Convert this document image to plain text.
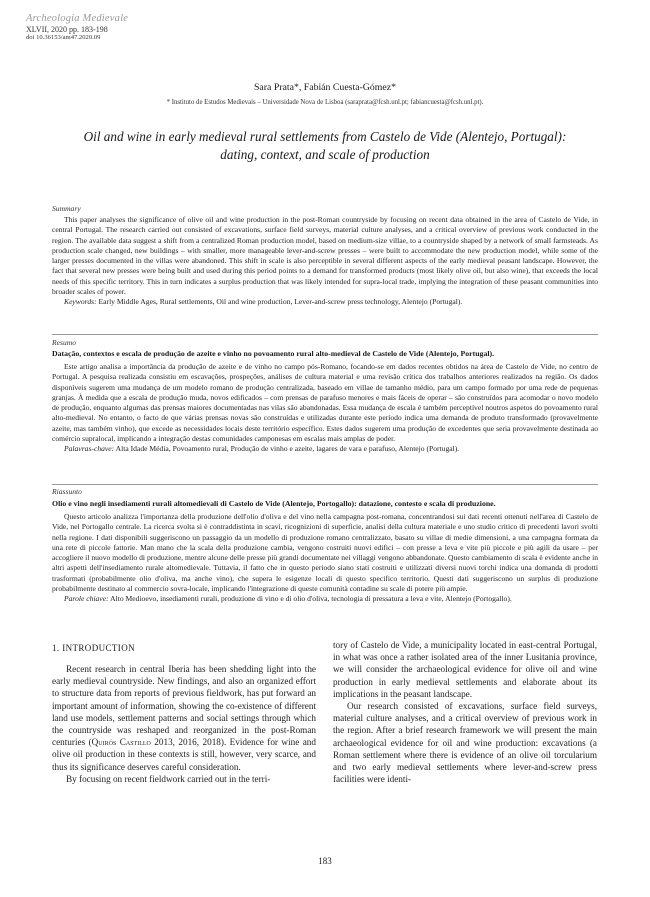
Archeologia Medievale
XLVII, 2020 pp. 183-198
doi 10.36153/am47.2020.09
Sara Prata*, Fabián Cuesta-Gómez*
* Instituto de Estudos Medievais – Universidade Nova de Lisboa (saraprata@fcsh.unl.pt; fabiancuesta@fcsh.unl.pt).
Oil and wine in early medieval rural settlements from Castelo de Vide (Alentejo, Portugal):
dating, context, and scale of production
Summary

This paper analyses the significance of olive oil and wine production in the post-Roman countryside by focusing on recent data obtained in the area of Castelo de Vide, in central Portugal. The research carried out consisted of excavations, surface field surveys, material culture analyses, and a critical overview of previous work conducted in the region. The available data suggest a shift from a centralized Roman production model, based on medium-size villae, to a countryside shaped by a network of small farmsteads. As production scale changed, new buildings – with smaller, more manageable lever-and-screw presses – were built to accommodate the new production model, while some of the larger presses documented in the villas were abandoned. This shift in scale is also perceptible in several different aspects of the early medieval peasant landscape. However, the fact that several new presses were being built and used during this period points to a demand for transformed products (most likely olive oil, but also wine), that exceeds the local needs of this specific territory. This in turn indicates a surplus production that was likely intended for supra-local trade, implying the integration of these peasant communities into broader scales of power.

Keywords: Early Middle Ages, Rural settlements, Oil and wine production, Lever-and-screw press technology, Alentejo (Portugal).

Resumo
Datação, contextos e escala de produção de azeite e vinho no povoamento rural alto-medieval de Castelo de Vide (Alentejo, Portugal).

Este artigo analisa a importância da produção de azeite e de vinho no campo pós-Romano, focando-se em dados recentes obtidos na área de Castelo de Vide, no centro de Portugal. A pesquisa realizada consistiu em escavações, prospeções, análises de cultura material e uma revisão crítica dos trabalhos anteriores realizados na região. Os dados disponíveis sugerem uma mudança de um modelo romano de produção centralizada, baseado em villae de tamanho médio, para um campo formado por uma rede de pequenas granjas. À medida que a escala de produção muda, novos edificados – com prensas de parafuso menores e mais fáceis de operar – são construídos para acomodar o novo modelo de produção, enquanto algumas das prensas maiores documentadas nas vilas são abandonadas. Essa mudança de escala é também perceptível noutros aspetos do povoamento rural alto-medieval. No entanto, o facto de que várias prensas novas são construídas e utilizadas durante este período indica uma demanda de produto transformado (provavelmente azeite, mas também vinho), que excede as necessidades locais deste território específico. Estes dados sugerem uma produção de excedentes que seria provavelmente destinada ao comércio supralocal, implicando a integração destas comunidades camponesas em escalas mais amplas de poder.

Palavras-chave: Alta Idade Média, Povoamento rural, Produção de vinho e azeite, lagares de vara e parafuso, Alentejo (Portugal).

Riassunto
Olio e vino negli insediamenti rurali altomedievali di Castelo de Vide (Alentejo, Portogallo): datazione, contesto e scala di produzione.

Questo articolo analizza l'importanza della produzione dell'olio d'oliva e del vino nella campagna post-romana, concentrandosi sui dati recenti ottenuti nell'area di Castelo de Vide, nel Portogallo centrale. La ricerca svolta si è contraddistinta in scavi, ricognizioni di superficie, analisi della cultura materiale e uno studio critico di precedenti lavori svolti nella regione. I dati disponibili suggeriscono un passaggio da un modello di produzione romano centralizzato, basato su villae di medie dimensioni, a una campagna formata da una rete di piccole fattorie. Man mano che la scala della produzione cambia, vengono costruiti nuovi edifici – con presse a leva e vite più piccole e più agili da usare – per accogliere il nuovo modello di produzione, mentre alcune delle presse più grandi documentate nei villaggi vengono abbandonate. Questo cambiamento di scala è evidente anche in altri aspetti dell'insediamento rurale altomedievale. Tuttavia, il fatto che in questo periodo siano stati costruiti e utilizzati diversi nuovi torchi indica una domanda di prodotti trasformati (probabilmente olio d'oliva, ma anche vino), che supera le esigenze locali di questo specifico territorio. Questi dati suggeriscono un surplus di produzione probabilmente destinato al commercio sovra-locale, implicando l'integrazione di queste comunità contadine su scale di potere più ampie.

Parole chiave: Alto Medioevo, insediamenti rurali, produzione di vino e di olio d'oliva, tecnologia di pressatura a leva e vite, Alentejo (Portogallo).

1. INTRODUCTION

Recent research in central Iberia has been shedding light into the early medieval countryside. New findings, and also an organized effort to structure data from reports of previous fieldwork, has put forward an important amount of information, showing the co-existence of different land use models, settlement patterns and social settings through which the countryside was reshaped and reorganized in the post-Roman centuries (Quirós Castillo 2013, 2016, 2018). Evidence for wine and olive oil production in these contexts is still, however, very scarce, and thus its significance deserves careful consideration.

By focusing on recent fieldwork carried out in the terri-

tory of Castelo de Vide, a municipality located in east-central Portugal, in what was once a rather isolated area of the inner Lusitania province, we will consider the archaeological evidence for olive oil and wine production in early medieval settlements and elaborate about its implications in the peasant landscape.

Our research consisted of excavations, surface field surveys, material culture analyses, and a critical overview of previous work in the region. After a brief research framework we will present the main archaeological evidence for oil and wine production: excavations (a Roman settlement where there is evidence of an olive oil torcularium and two early medieval settlements where lever-and-screw press facilities were identi-

183
